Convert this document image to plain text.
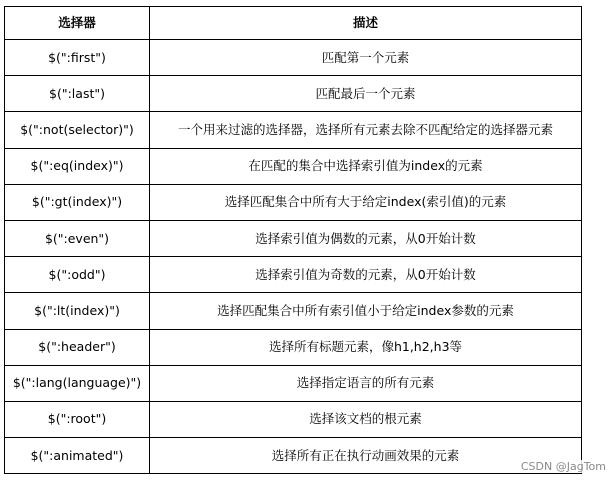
选择器	描述
$(":first")	匹配第一个元素
$(":last")	匹配最后一个元素
$(":not(selector)")	一个用来过滤的选择器，选择所有元素去除不匹配给定的选择器元素
$(":eq(index)")	在匹配的集合中选择索引值为index的元素
$(":gt(index)")	选择匹配集合中所有大于给定index(索引值)的元素
$(":even")	选择索引值为偶数的元素，从0开始计数
$(":odd")	选择索引值为奇数的元素，从0开始计数
$(":lt(index)")	选择匹配集合中所有索引值小于给定index参数的元素
$(":header")	选择所有标题元素，像h1,h2,h3等
$(":lang(language)")	选择指定语言的所有元素
$(":root")	选择该文档的根元素
$(":animated")	选择所有正在执行动画效果的元素
CSDN @JagTom
